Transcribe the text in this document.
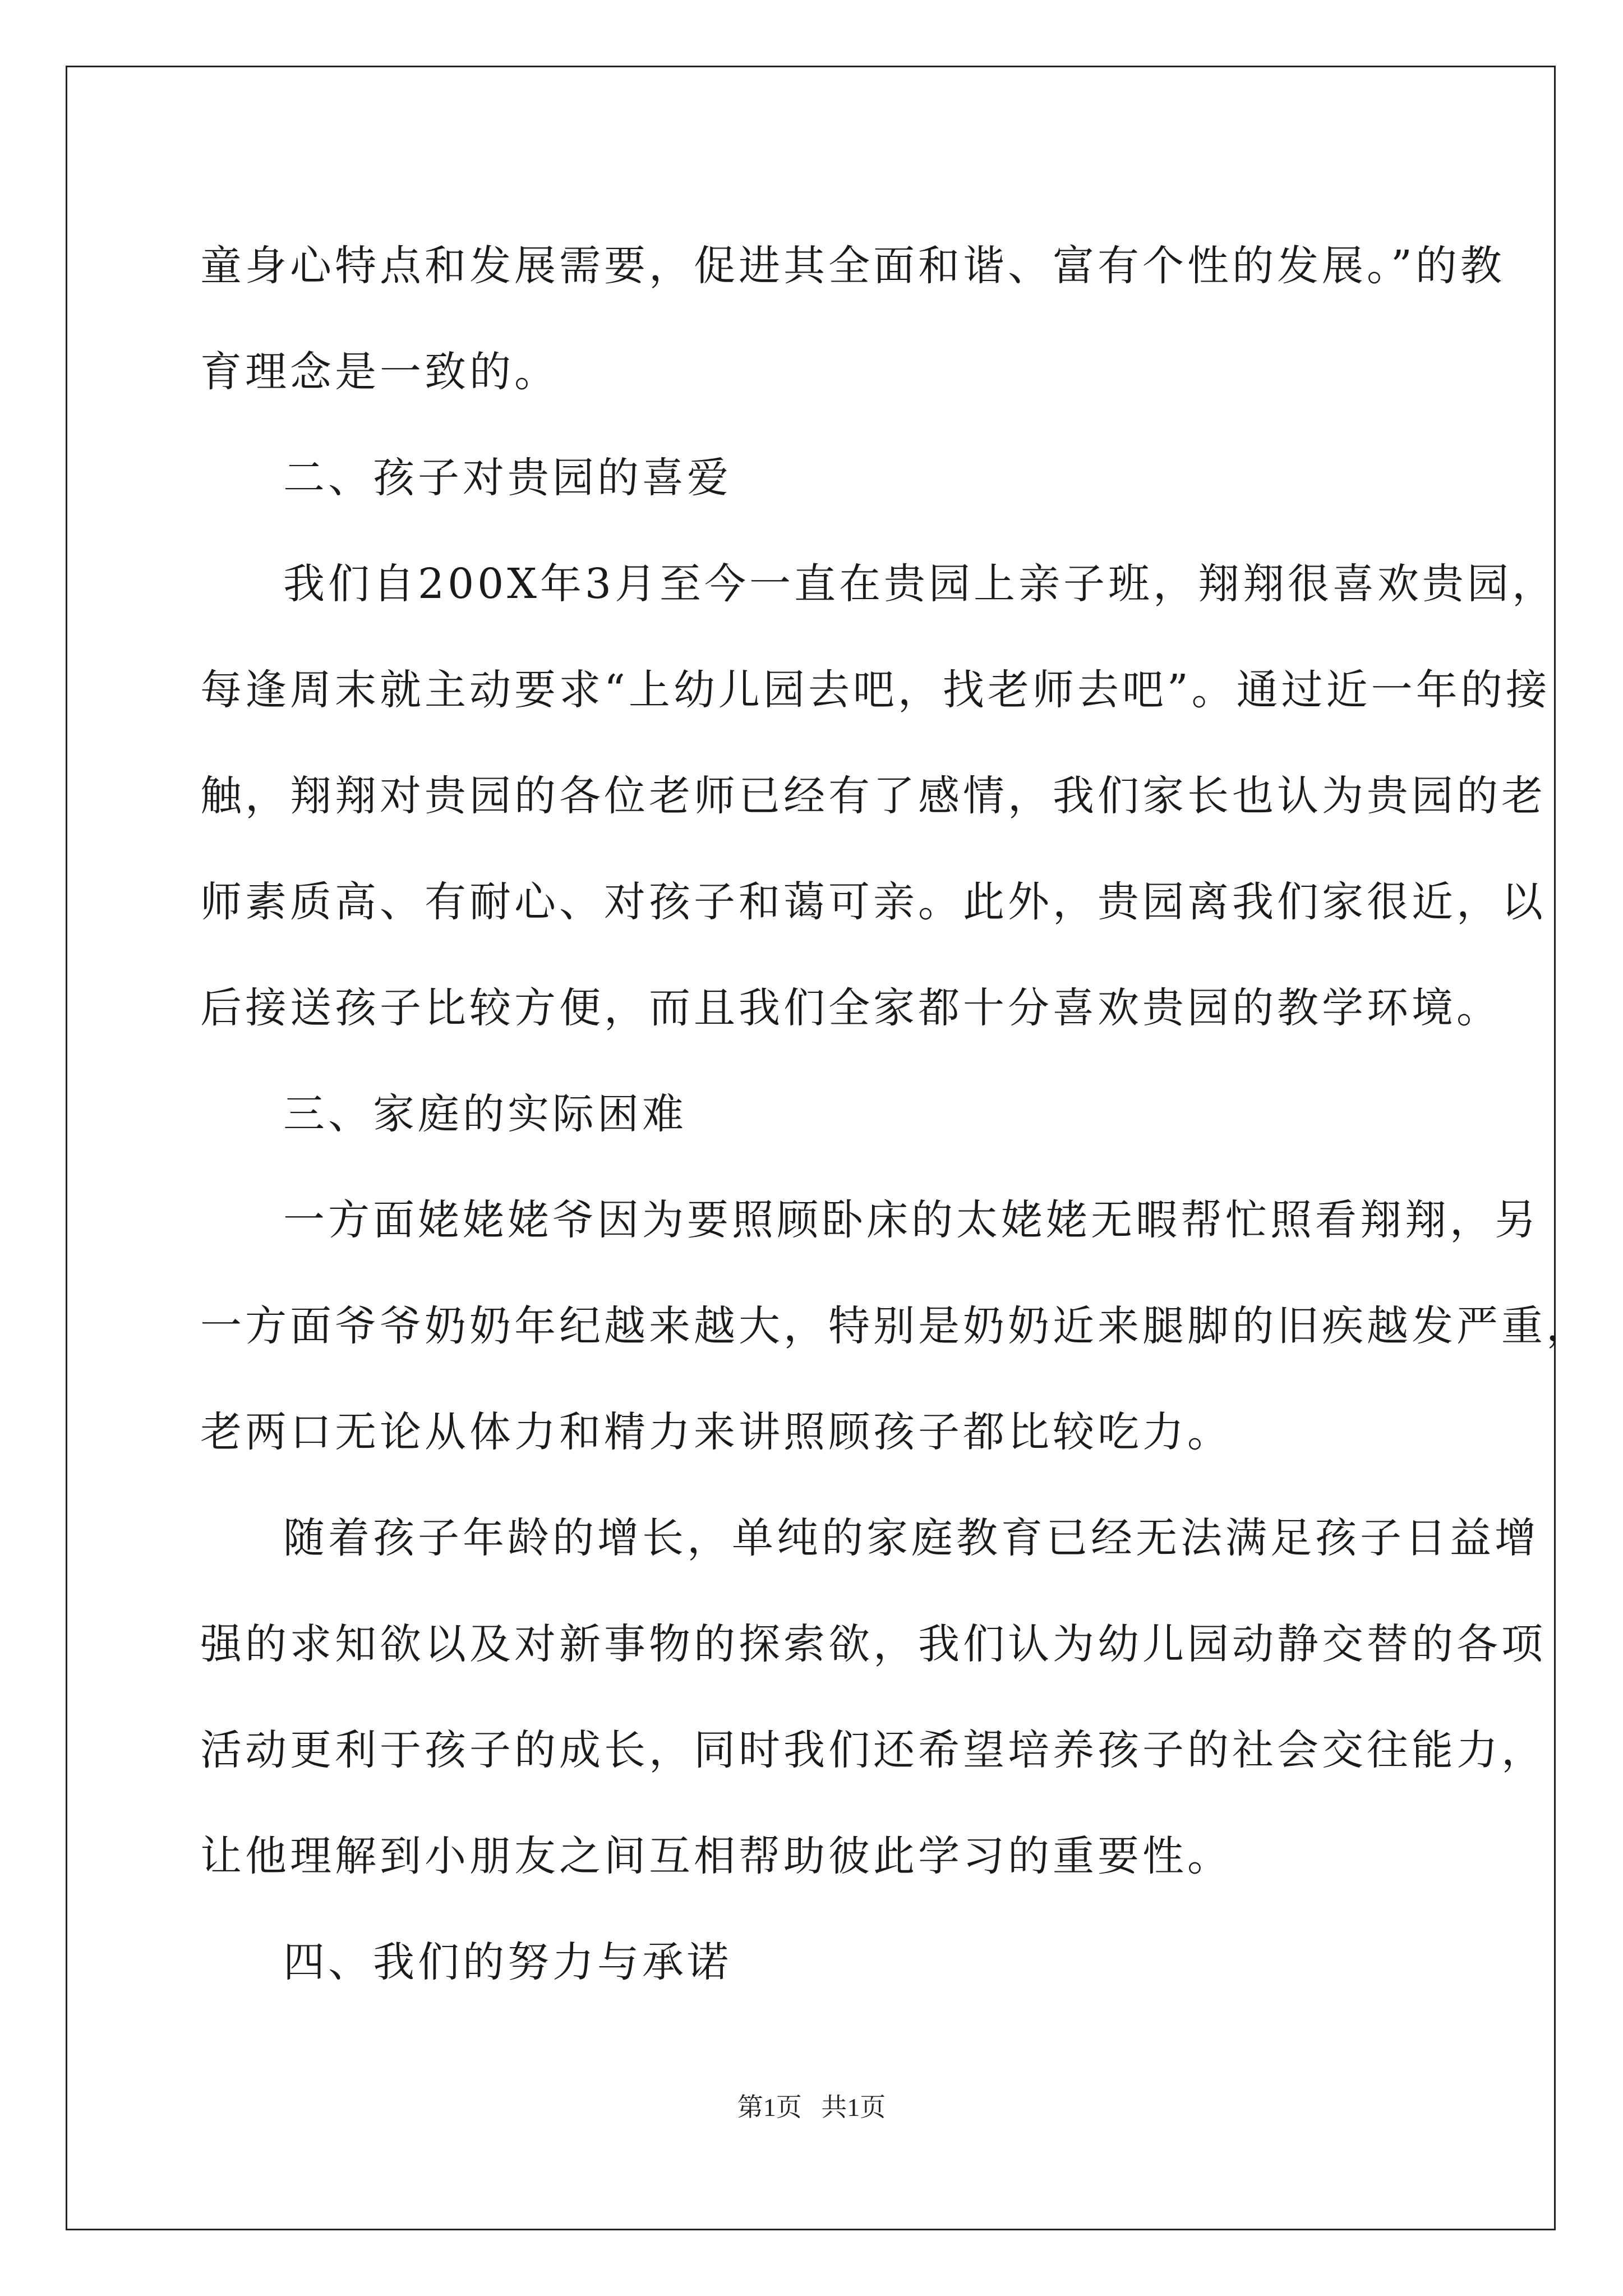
童身心特点和发展需要，促进其全面和谐、富有个性的发展。”的教
育理念是一致的。
二、孩子对贵园的喜爱
我们自200X年3月至今一直在贵园上亲子班，翔翔很喜欢贵园，
每逢周末就主动要求“上幼儿园去吧，找老师去吧”。通过近一年的接
触，翔翔对贵园的各位老师已经有了感情，我们家长也认为贵园的老
师素质高、有耐心、对孩子和蔼可亲。此外，贵园离我们家很近，以
后接送孩子比较方便，而且我们全家都十分喜欢贵园的教学环境。
三、家庭的实际困难
一方面姥姥姥爷因为要照顾卧床的太姥姥无暇帮忙照看翔翔，另
一方面爷爷奶奶年纪越来越大，特别是奶奶近来腿脚的旧疾越发严重，
老两口无论从体力和精力来讲照顾孩子都比较吃力。
随着孩子年龄的增长，单纯的家庭教育已经无法满足孩子日益增
强的求知欲以及对新事物的探索欲，我们认为幼儿园动静交替的各项
活动更利于孩子的成长，同时我们还希望培养孩子的社会交往能力，
让他理解到小朋友之间互相帮助彼此学习的重要性。
四、我们的努力与承诺
第1页 共1页
